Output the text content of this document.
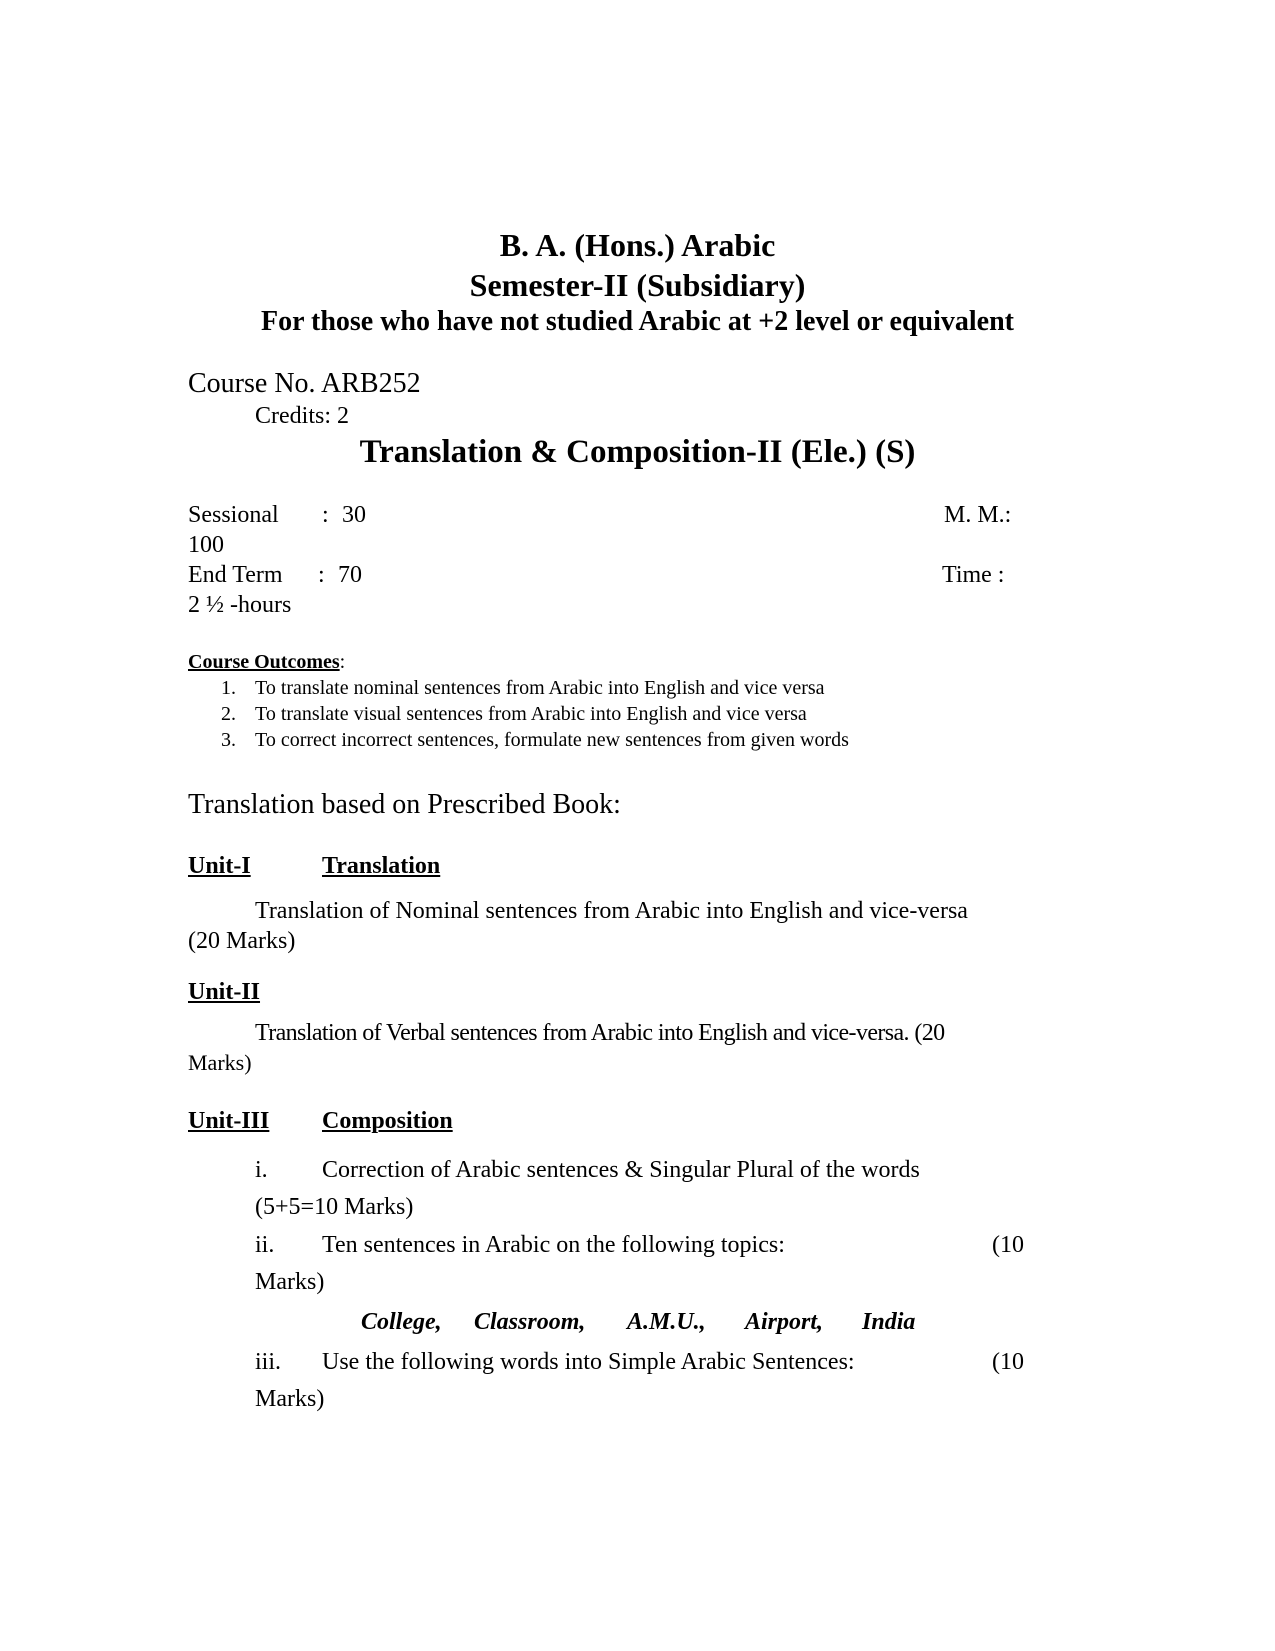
B. A. (Hons.) Arabic
Semester-II (Subsidiary)
For those who have not studied Arabic at +2 level or equivalent
Course No. ARB252
Credits: 2
Translation & Composition-II (Ele.) (S)
Sessional : 30	M. M.:
100
End Term : 70	Time :
2 ½ -hours
Course Outcomes:
1. To translate nominal sentences from Arabic into English and vice versa
2. To translate visual sentences from Arabic into English and vice versa
3. To correct incorrect sentences, formulate new sentences from given words
Translation based on Prescribed Book:
Unit-I	Translation
Translation of Nominal sentences from Arabic into English and vice-versa
(20 Marks)
Unit-II
Translation of Verbal sentences from Arabic into English and vice-versa. (20
Marks)
Unit-III Composition
i. Correction of Arabic sentences & Singular Plural of the words
(5+5=10 Marks)
ii. Ten sentences in Arabic on the following topics:	(10
Marks)
College, Classroom, A.M.U., Airport, India
iii. Use the following words into Simple Arabic Sentences:	(10
Marks)
